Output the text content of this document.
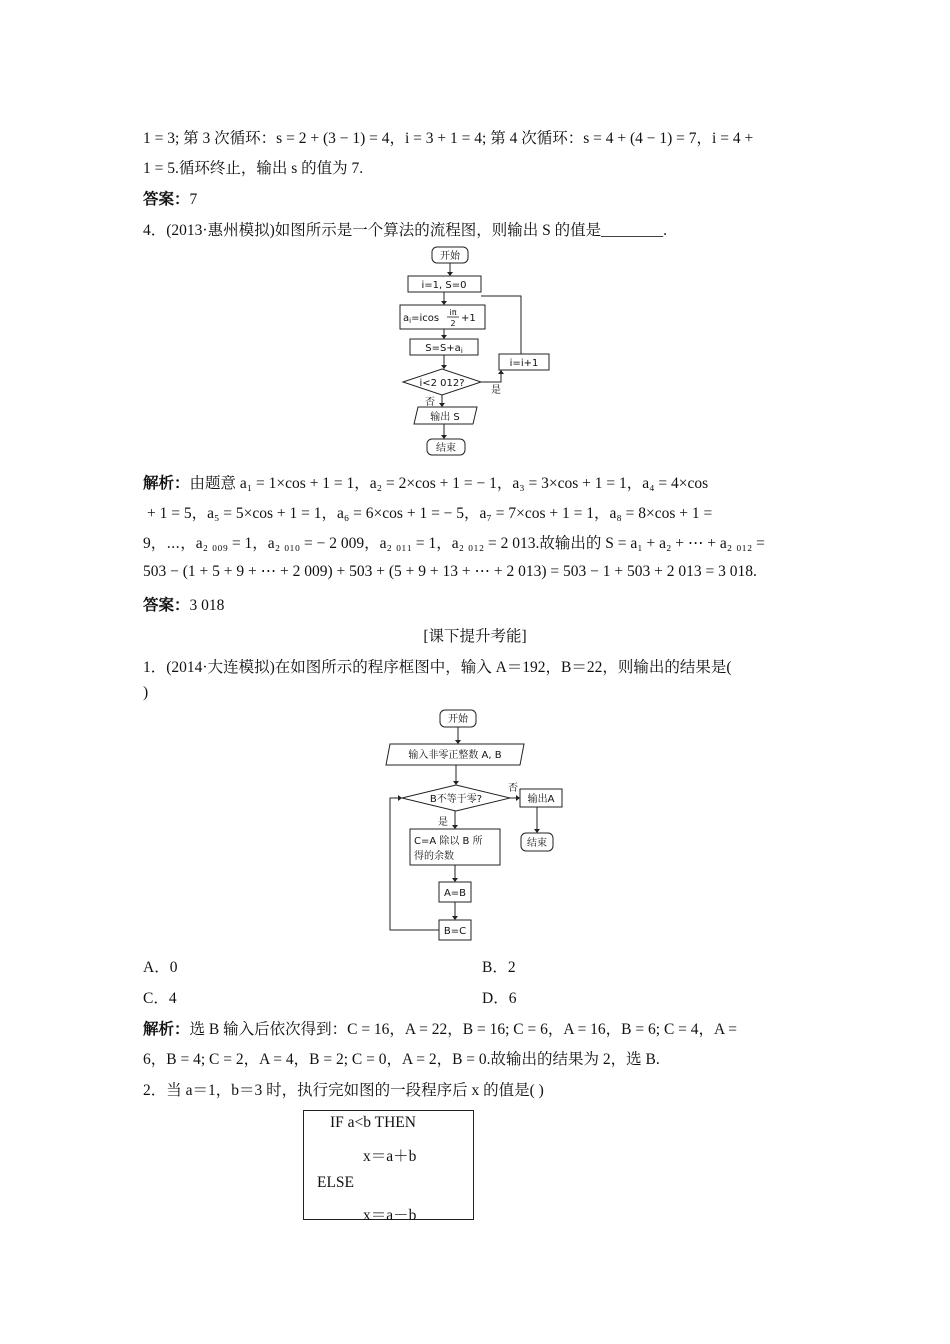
1 = 3; 第 3 次循环：s = 2 + (3 − 1) = 4，i = 3 + 1 = 4; 第 4 次循环：s = 4 + (4 − 1) = 7，i = 4 +
1 = 5.循环终止，输出 s 的值为 7.
答案：7
4．(2013·惠州模拟)如图所示是一个算法的流程图，则输出 S 的值是________.
开始
i=1, S=0
$a_i=icos$
iπ
2 +1
$S=S+a_i$
i=i+1
i<2 012?
是
否
输出 S
结束
解析：由题意 a₁ = 1×cos + 1 = 1，a₂ = 2×cos + 1 = − 1，a₃ = 3×cos + 1 = 1，a₄ = 4×cos
+ 1 = 5，a₅ = 5×cos + 1 = 1，a₆ = 6×cos + 1 = − 5，a₇ = 7×cos + 1 = 1，a₈ = 8×cos + 1 =
9，⋯，a₂ ₀₀₉ = 1，a₂ ₀₁₀ = − 2 009，a₂ ₀₁₁ = 1，a₂ ₀₁₂ = 2 013.故输出的 S = a₁ + a₂ + ⋯ + a₂ ₀₁₂ =
503 − (1 + 5 + 9 + ⋯ + 2 009) + 503 + (5 + 9 + 13 + ⋯ + 2 013) = 503 − 1 + 503 + 2 013 = 3 018.
答案：3 018
[课下提升考能]
1．(2014·大连模拟)在如图所示的程序框图中，输入 A＝192，B＝22，则输出的结果是(
)
开始
输入非零正整数 A, B
B不等于零?
否
输出A
结束
是
C=A 除以 B 所
得的余数
A=B
B=C
A．0	B．2
C．4	D．6
解析：选 B 输入后依次得到：C = 16，A = 22，B = 16; C = 6，A = 16，B = 6; C = 4，A =
6，B = 4; C = 2，A = 4，B = 2; C = 0，A = 2，B = 0.故输出的结果为 2，选 B.
2．当 a＝1，b＝3 时，执行完如图的一段程序后 x 的值是( )
IF a<b THEN
x＝a＋b
ELSE
x＝a－b
